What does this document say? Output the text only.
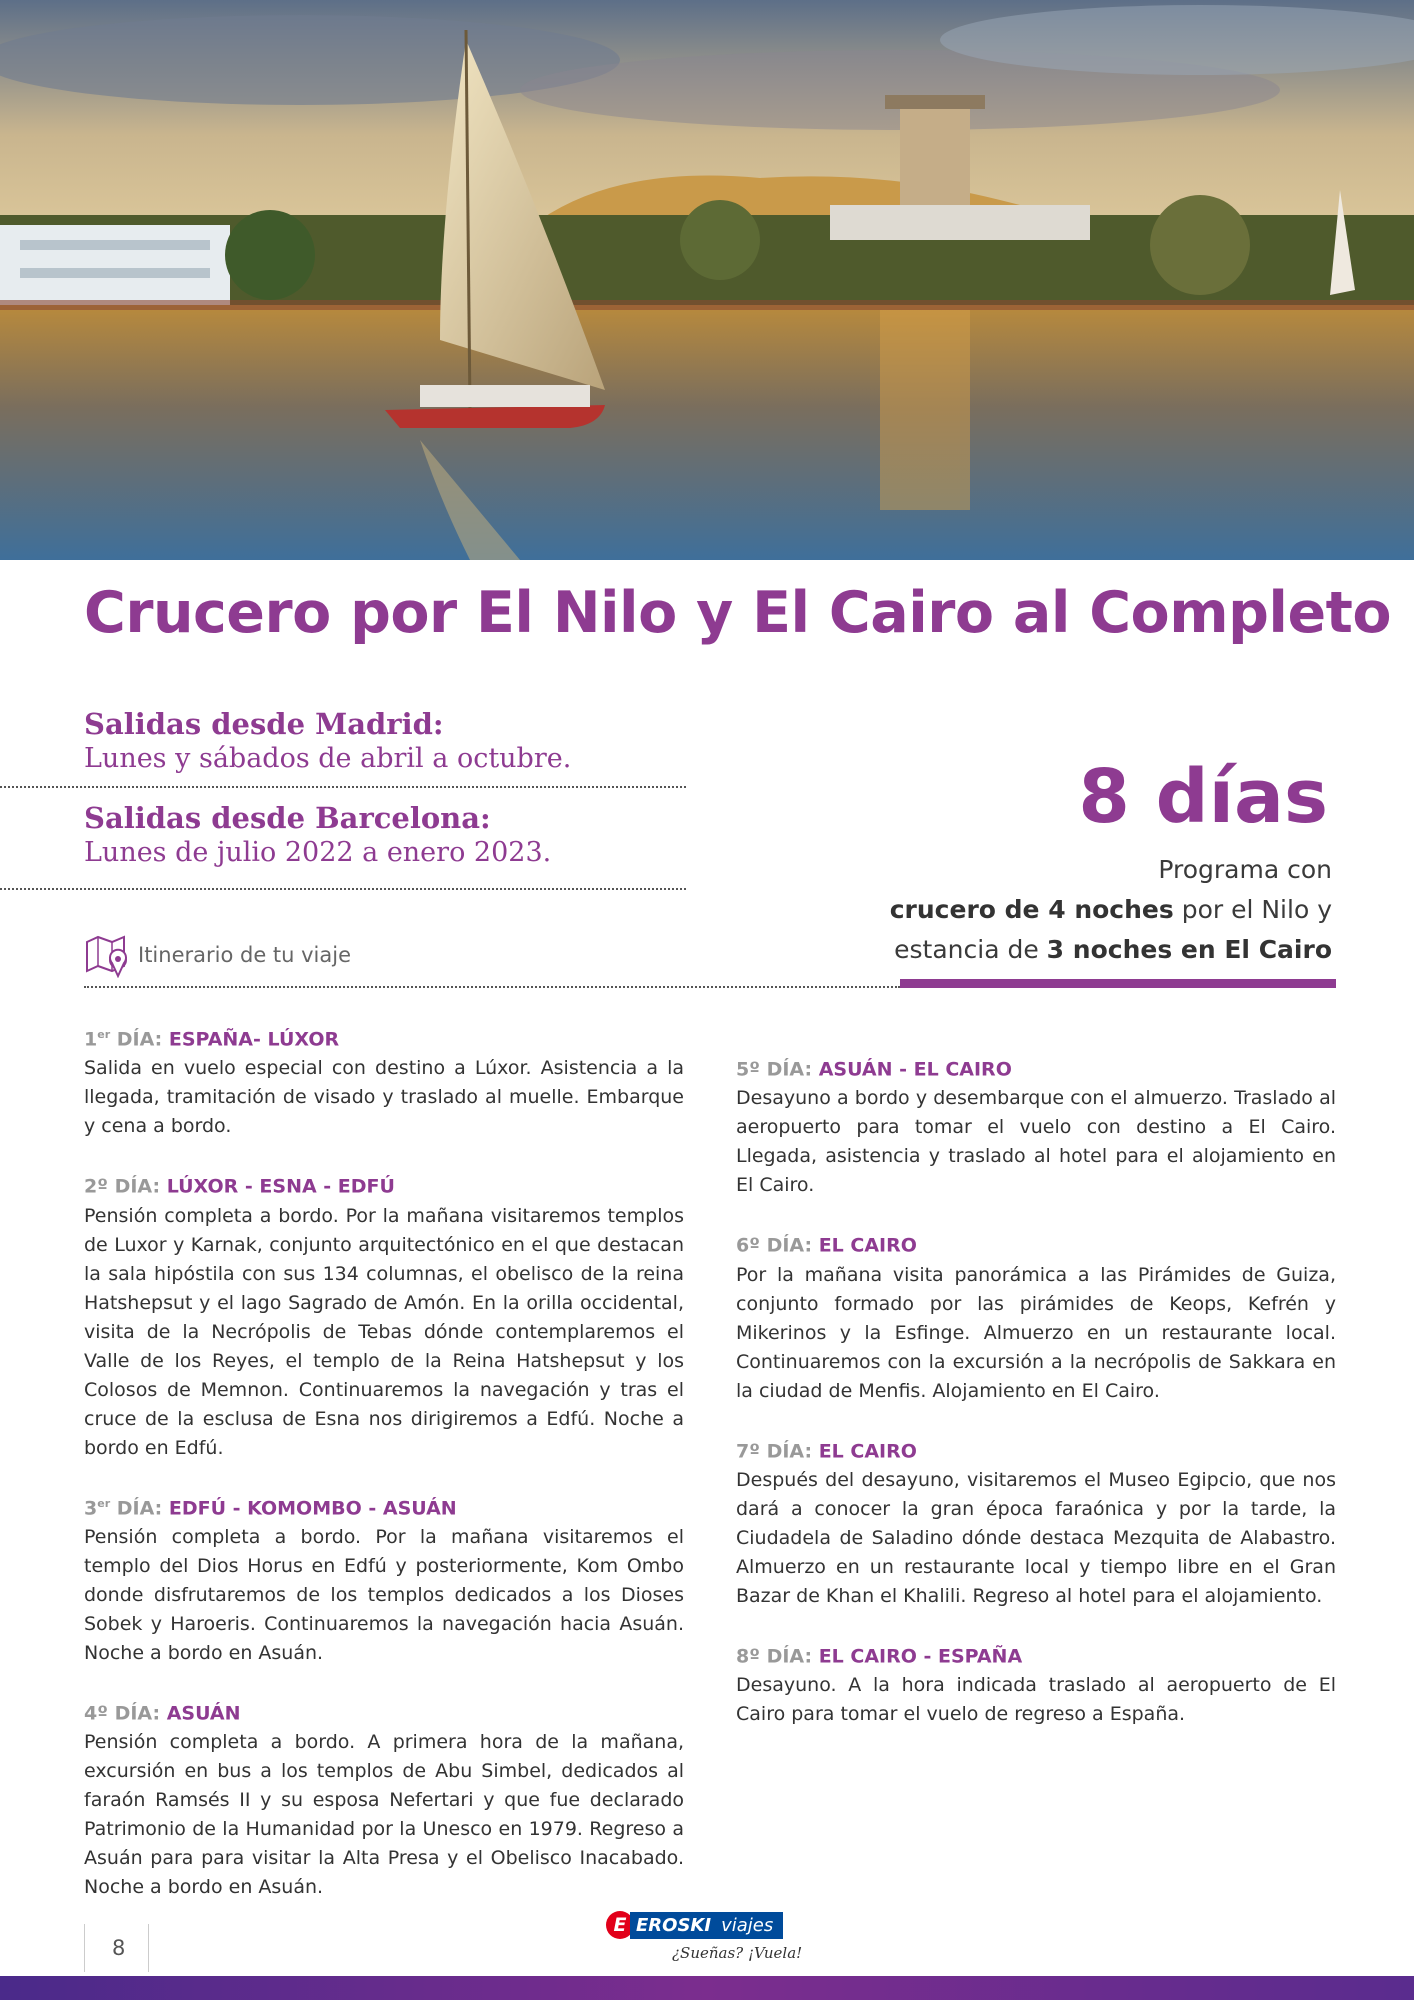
Crucero por El Nilo y El Cairo al Completo
Salidas desde Madrid:
Lunes y sábados de abril a octubre.
Salidas desde Barcelona:
Lunes de julio 2022 a enero 2023.
8 días
Programa con
crucero de 4 noches por el Nilo y
estancia de 3 noches en El Cairo
Itinerario de tu viaje
1er DÍA: ESPAÑA- LÚXOR

Salida en vuelo especial con destino a Lúxor. Asistencia a la llegada, tramitación de visado y traslado al muelle. Embarque y cena a bordo.

2º DÍA: LÚXOR - ESNA - EDFÚ

Pensión completa a bordo. Por la mañana visitaremos templos de Luxor y Karnak, conjunto arquitectónico en el que destacan la sala hipóstila con sus 134 columnas, el obelisco de la reina Hatshepsut y el lago Sagrado de Amón. En la orilla occidental, visita de la Necrópolis de Tebas dónde contemplaremos el Valle de los Reyes, el templo de la Reina Hatshepsut y los Colosos de Memnon. Continuaremos la navegación y tras el cruce de la esclusa de Esna nos dirigiremos a Edfú. Noche a bordo en Edfú.

3er DÍA: EDFÚ - KOMOMBO - ASUÁN

Pensión completa a bordo. Por la mañana visitaremos el templo del Dios Horus en Edfú y posteriormente, Kom Ombo donde disfrutaremos de los templos dedicados a los Dioses Sobek y Haroeris. Continuaremos la navegación hacia Asuán. Noche a bordo en Asuán.

4º DÍA: ASUÁN

Pensión completa a bordo. A primera hora de la mañana, excursión en bus a los templos de Abu Simbel, dedicados al faraón Ramsés II y su esposa Nefertari y que fue declarado Patrimonio de la Humanidad por la Unesco en 1979. Regreso a Asuán para para visitar la Alta Presa y el Obelisco Inacabado. Noche a bordo en Asuán.

5º DÍA: ASUÁN - EL CAIRO

Desayuno a bordo y desembarque con el almuerzo. Traslado al aeropuerto para tomar el vuelo con destino a El Cairo. Llegada, asistencia y traslado al hotel para el alojamiento en El Cairo.

6º DÍA: EL CAIRO

Por la mañana visita panorámica a las Pirámides de Guiza, conjunto formado por las pirámides de Keops, Kefrén y Mikerinos y la Esfinge. Almuerzo en un restaurante local. Continuaremos con la excursión a la necrópolis de Sakkara en la ciudad de Menfis. Alojamiento en El Cairo.

7º DÍA: EL CAIRO

Después del desayuno, visitaremos el Museo Egipcio, que nos dará a conocer la gran época faraónica y por la tarde, la Ciudadela de Saladino dónde destaca Mezquita de Alabastro. Almuerzo en un restaurante local y tiempo libre en el Gran Bazar de Khan el Khalili. Regreso al hotel para el alojamiento.

8º DÍA: EL CAIRO - ESPAÑA

Desayuno. A la hora indicada traslado al aeropuerto de El Cairo para tomar el vuelo de regreso a España.

8
E EROSKI viajes
¿Sueñas? ¡Vuela!
